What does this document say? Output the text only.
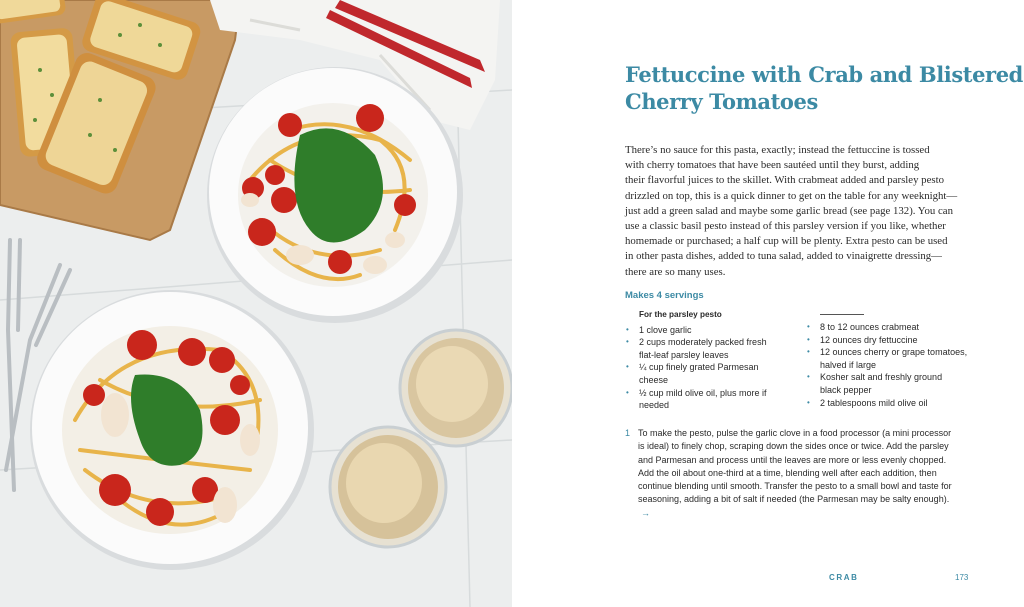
Fettuccine with Crab and Blistered
Cherry Tomatoes
There’s no sauce for this pasta, exactly; instead the fettuccine is tossed
with cherry tomatoes that have been sautéed until they burst, adding
their flavorful juices to the skillet. With crabmeat added and parsley pesto
drizzled on top, this is a quick dinner to get on the table for any weeknight—
just add a green salad and maybe some garlic bread (see page 132). You can
use a classic basil pesto instead of this parsley version if you like, whether
homemade or purchased; a half cup will be plenty. Extra pesto can be used
in other pasta dishes, added to tuna salad, added to vinaigrette dressing—
there are so many uses.
Makes 4 servings
For the parsley pesto
• 1 clove garlic
• 2 cups moderately packed fresh
flat-leaf parsley leaves
• ¼ cup finely grated Parmesan
cheese
• ½ cup mild olive oil, plus more if
needed
• 8 to 12 ounces crabmeat
• 12 ounces dry fettuccine
• 12 ounces cherry or grape tomatoes,
halved if large
• Kosher salt and freshly ground
black pepper
• 2 tablespoons mild olive oil
1 To make the pesto, pulse the garlic clove in a food processor (a mini processor
is ideal) to finely chop, scraping down the sides once or twice. Add the parsley
and Parmesan and process until the leaves are more or less evenly chopped.
Add the oil about one-third at a time, blending well after each addition, then
continue blending until smooth. Transfer the pesto to a small bowl and taste for
seasoning, adding a bit of salt if needed (the Parmesan may be salty enough).
→
CRAB	173
